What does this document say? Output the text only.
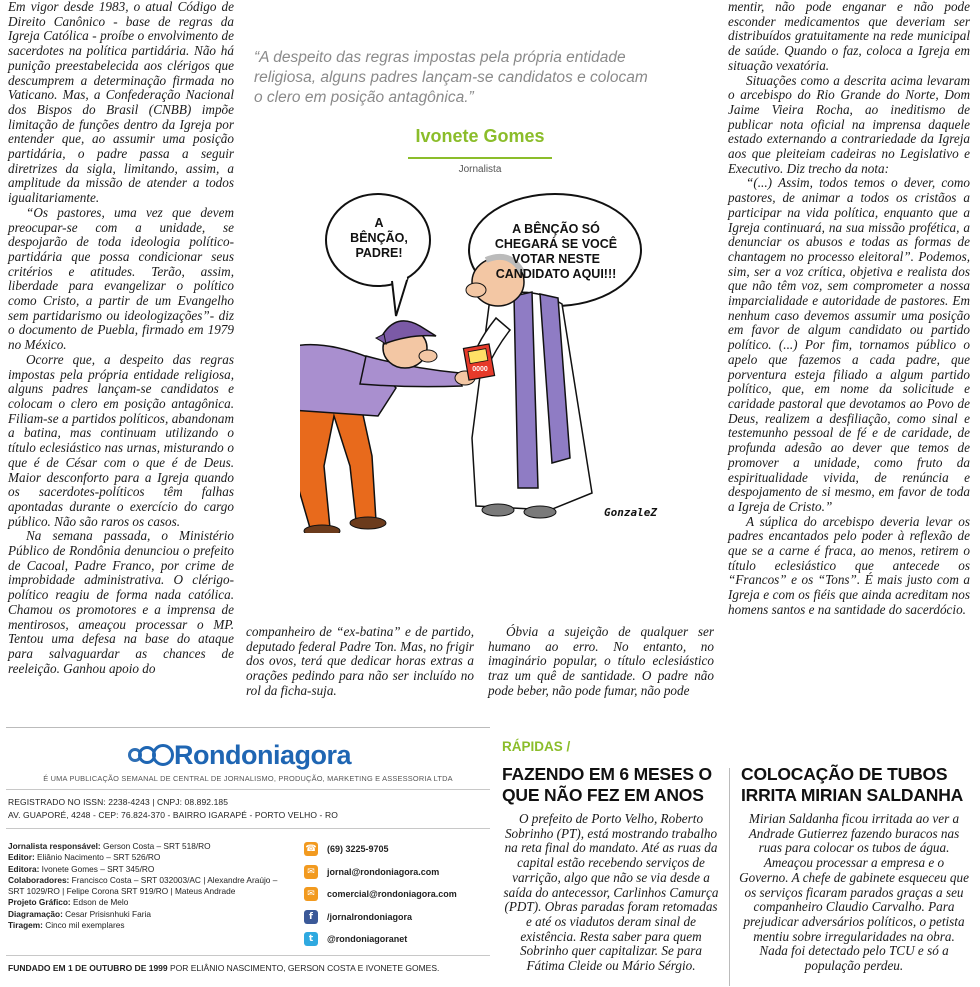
Em vigor desde 1983, o atual Código de Direito Canônico - base de regras da Igreja Católica - proíbe o envolvimento de sacerdotes na política partidária. Não há punição preestabelecida aos clérigos que descumprem a determinação firmada no Vaticano. Mas, a Confederação Nacional dos Bispos do Brasil (CNBB) impõe limitação de funções dentro da Igreja por entender que, ao assumir uma posição partidária, o padre passa a seguir diretrizes da sigla, limitando, assim, a amplitude da missão de atender a todos igualitariamente.

“Os pastores, uma vez que devem preocupar-se com a unidade, se despojarão de toda ideologia político-partidária que possa condicionar seus critérios e atitudes. Terão, assim, liberdade para evangelizar o político como Cristo, a partir de um Evangelho sem partidarismo ou ideologizações”- diz o documento de Puebla, firmado em 1979 no México.

Ocorre que, a despeito das regras impostas pela própria entidade religiosa, alguns padres lançam-se candidatos e colocam o clero em posição antagônica. Filiam-se a partidos políticos, abandonam a batina, mas continuam utilizando o título eclesiástico nas urnas, misturando o que é de César com o que é de Deus. Maior desconforto para a Igreja quando os sacerdotes-políticos têm falhas apontadas durante o exercício do cargo público. Não são raros os casos.

Na semana passada, o Ministério Público de Rondônia denunciou o prefeito de Cacoal, Padre Franco, por crime de improbidade administrativa. O clérigo-político reagiu de forma nada católica. Chamou os promotores e a imprensa de mentirosos, ameaçou processar o MP. Tentou uma defesa na base do ataque para salvaguardar as chances de reeleição. Ganhou apoio do

“A despeito das regras impostas pela própria entidade religiosa, alguns padres lançam-se candidatos e colocam o clero em posição antagônica.”
Ivonete Gomes
Jornalista
A BÊNÇÃO, PADRE!
A BÊNÇÃO SÓ CHEGARÁ SE VOCÊ VOTAR NESTE CANDIDATO AQUI!!!
0000
GonzaleZ

companheiro de “ex-batina” e de partido, deputado federal Padre Ton. Mas, no frigir dos ovos, terá que dedicar horas extras a orações pedindo para não ser incluído no rol da ficha-suja.

Óbvia a sujeição de qualquer ser humano ao erro. No entanto, no imaginário popular, o título eclesiástico traz um quê de santidade. O padre não pode beber, não pode fumar, não pode

mentir, não pode enganar e não pode esconder medicamentos que deveriam ser distribuídos gratuitamente na rede municipal de saúde. Quando o faz, coloca a Igreja em situação vexatória.

Situações como a descrita acima levaram o arcebispo do Rio Grande do Norte, Dom Jaime Vieira Rocha, ao ineditismo de publicar nota oficial na imprensa daquele estado externando a contrariedade da Igreja aos que pleiteiam cadeiras no Legislativo e Executivo. Diz trecho da nota:

“(...) Assim, todos temos o dever, como pastores, de animar a todos os cristãos a participar na vida política, enquanto que a Igreja continuará, na sua missão profética, a denunciar os abusos e todas as formas de chantagem no processo eleitoral”. Podemos, sim, ser a voz crítica, objetiva e realista dos que não têm voz, sem comprometer a nossa imparcialidade e autoridade de pastores. Em nenhum caso devemos assumir uma posição em favor de algum candidato ou partido político. (...) Por fim, tornamos público o apelo que fazemos a cada padre, que porventura esteja filiado a algum partido político, que, em nome da solicitude e caridade pastoral que devotamos ao Povo de Deus, realizem a desfiliação, como sinal e testemunho pessoal de fé e de caridade, de profunda adesão ao dever que temos de promover a unidade, como fruto da espiritualidade vivida, de renúncia e despojamento de si mesmo, em favor de toda a Igreja de Cristo.”

A súplica do arcebispo deveria levar os padres encantados pelo poder à reflexão de que se a carne é fraca, ao menos, retirem o título eclesiástico que antecede os “Francos” e os “Tons”. É mais justo com a Igreja e com os fiéis que ainda acreditam nos homens santos e na santidade do sacerdócio.

Rondoniagora
É UMA PUBLICAÇÃO SEMANAL DE CENTRAL DE JORNALISMO, PRODUÇÃO, MARKETING E ASSESSORIA LTDA
REGISTRADO NO ISSN: 2238-4243 | CNPJ: 08.892.185
AV. GUAPORÉ, 4248 - CEP: 76.824-370 - BAIRRO IGARAPÉ - PORTO VELHO - RO
Jornalista responsável: Gerson Costa – SRT 518/RO
Editor: Eliânio Nacimento – SRT 526/RO
Editora: Ivonete Gomes – SRT 345/RO
Colaboradores: Francisco Costa – SRT 032003/AC | Alexandre Araújo – SRT 1029/RO | Felipe Corona SRT 919/RO | Mateus Andrade
Projeto Gráfico: Edson de Melo
Diagramação: Cesar Prisisnhuki Faria
Tiragem: Cinco mil exemplares
☎ (69) 3225-9705
✉	jornal@rondoniagora.com
✉	comercial@rondoniagora.com
f	/jornalrondoniagora
t	@rondoniagoranet
FUNDADO EM 1 DE OUTUBRO DE 1999 POR ELIÂNIO NASCIMENTO, GERSON COSTA E IVONETE GOMES.
RÁPIDAS /
FAZENDO EM 6 MESES O QUE NÃO FEZ EM ANOS
COLOCAÇÃO DE TUBOS IRRITA MIRIAN SALDANHA
O prefeito de Porto Velho, Roberto Sobrinho (PT), está mostrando trabalho na reta final do mandato. Até as ruas da capital estão recebendo serviços de varrição, algo que não se via desde a saída do antecessor, Carlinhos Camurça (PDT). Obras paradas foram retomadas e até os viadutos deram sinal de existência. Resta saber para quem Sobrinho quer capitalizar. Se para Fátima Cleide ou Mário Sérgio.
Mirian Saldanha ficou irritada ao ver a Andrade Gutierrez fazendo buracos nas ruas para colocar os tubos de água. Ameaçou processar a empresa e o Governo. A chefe de gabinete esqueceu que os serviços ficaram parados graças a seu companheiro Claudio Carvalho. Para prejudicar adversários políticos, o petista mentiu sobre irregularidades na obra. Nada foi detectado pelo TCU e só a população perdeu.
